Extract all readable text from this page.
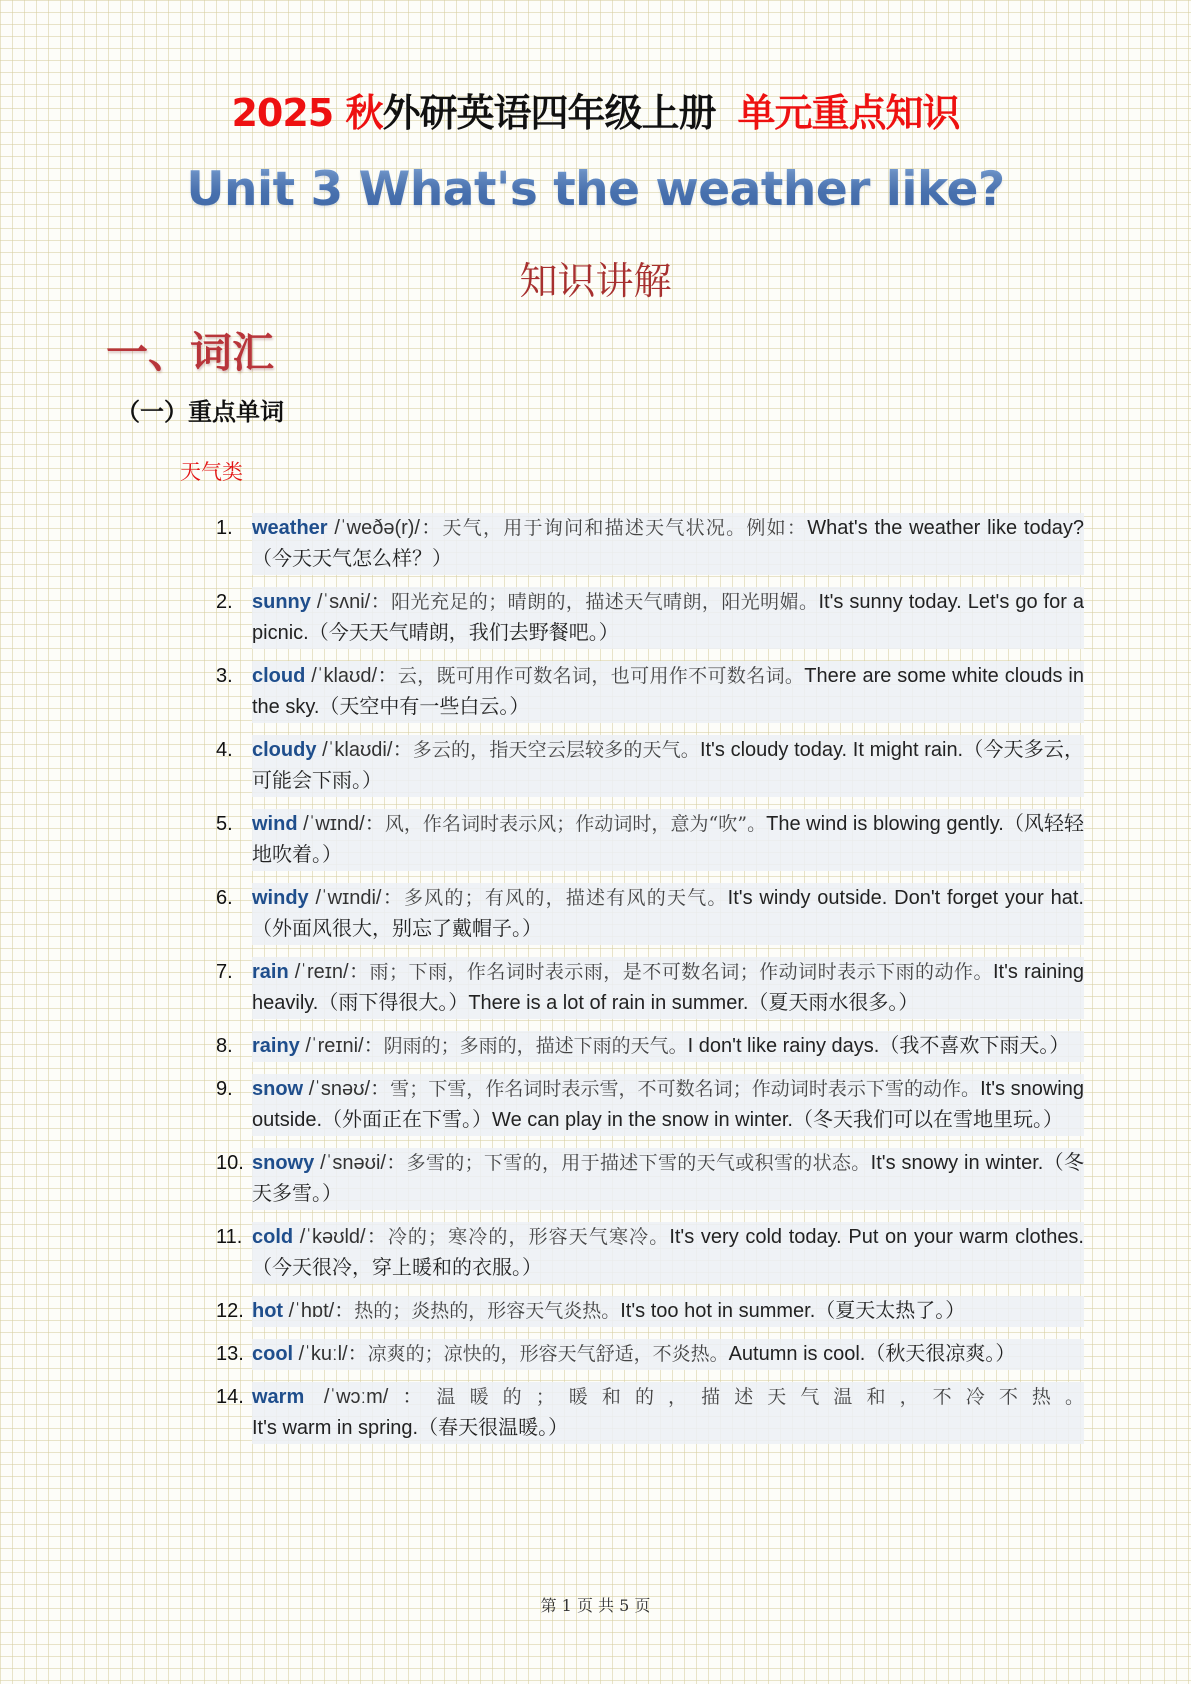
2025 秋外研英语四年级上册 单元重点知识
Unit 3 What's the weather like?
知识讲解
一、词汇
（一）重点单词
天气类
1. weather /ˈweðə(r)/：天气，用于询问和描述天气状况。例如：What's the weather like today?（今天天气怎么样？）
2. sunny /ˈsʌni/：阳光充足的；晴朗的，描述天气晴朗，阳光明媚。It's sunny today. Let's go for a picnic.（今天天气晴朗，我们去野餐吧。）
3. cloud /ˈklaʊd/：云，既可用作可数名词，也可用作不可数名词。There are some white clouds in the sky.（天空中有一些白云。）
4. cloudy /ˈklaʊdi/：多云的，指天空云层较多的天气。It's cloudy today. It might rain.（今天多云，可能会下雨。）
5. wind /ˈwɪnd/：风，作名词时表示风；作动词时，意为“吹”。The wind is blowing gently.（风轻轻地吹着。）
6. windy /ˈwɪndi/：多风的；有风的，描述有风的天气。It's windy outside. Don't forget your hat.（外面风很大，别忘了戴帽子。）
7. rain /ˈreɪn/：雨；下雨，作名词时表示雨，是不可数名词；作动词时表示下雨的动作。It's raining heavily.（雨下得很大。）There is a lot of rain in summer.（夏天雨水很多。）
8. rainy /ˈreɪni/：阴雨的；多雨的，描述下雨的天气。I don't like rainy days.（我不喜欢下雨天。）
9. snow /ˈsnəʊ/：雪；下雪，作名词时表示雪，不可数名词；作动词时表示下雪的动作。It's snowing outside.（外面正在下雪。）We can play in the snow in winter.（冬天我们可以在雪地里玩。）
10. snowy /ˈsnəʊi/：多雪的；下雪的，用于描述下雪的天气或积雪的状态。It's snowy in winter.（冬天多雪。）
11. cold /ˈkəʊld/：冷的；寒冷的，形容天气寒冷。It's very cold today. Put on your warm clothes.（今天很冷，穿上暖和的衣服。）
12. hot /ˈhɒt/：热的；炎热的，形容天气炎热。It's too hot in summer.（夏天太热了。）
13. cool /ˈkuːl/：凉爽的；凉快的，形容天气舒适，不炎热。Autumn is cool.（秋天很凉爽。）
14. warm /ˈwɔːm/：温暖的；暖和的，描述天气温和，不冷不热。It's warm in spring.（春天很温暖。）
第 1 页 共 5 页
